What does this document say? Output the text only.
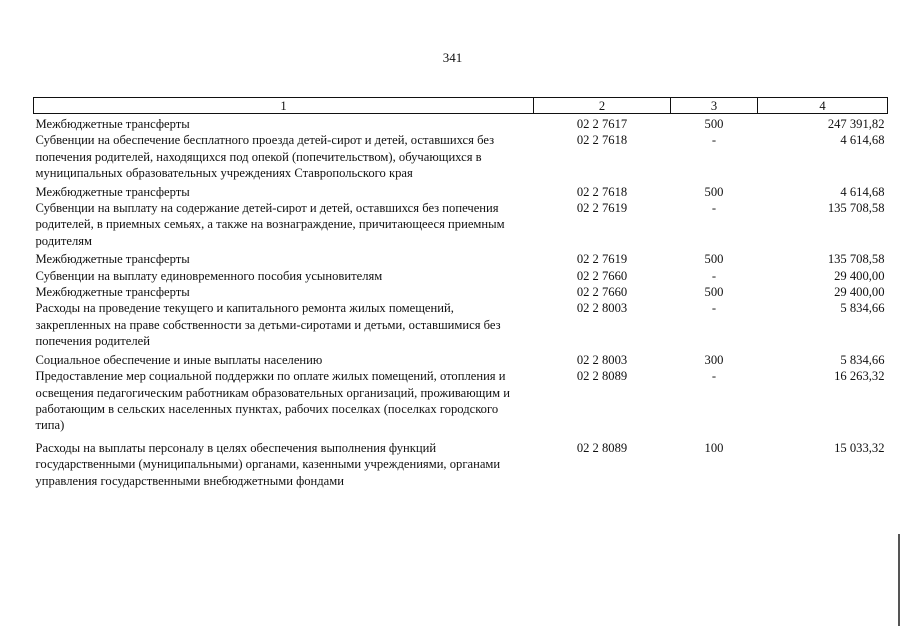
341
1	2	3	4
Межбюджетные трансферты	02 2 7617	500	247 391,82
Субвенции на обеспечение бесплатного проезда детей-сирот и детей, оставшихся без попечения родителей, находящихся под опекой (попечительством), обучающихся в муниципальных образовательных учреждениях Ставропольского края	02 2 7618	-	4 614,68
Межбюджетные трансферты	02 2 7618	500	4 614,68
Субвенции на выплату на содержание детей-сирот и детей, оставшихся без попечения родителей, в приемных семьях, а также на вознаграждение, причитающееся приемным родителям	02 2 7619	-	135 708,58
Межбюджетные трансферты	02 2 7619	500	135 708,58
Субвенции на выплату единовременного пособия усыновителям	02 2 7660	-	29 400,00
Межбюджетные трансферты	02 2 7660	500	29 400,00
Расходы на проведение текущего и капитального ремонта жилых помещений, закрепленных на праве собственности за детьми-сиротами и детьми, оставшимися без попечения родителей	02 2 8003	-	5 834,66
Социальное обеспечение и иные выплаты населению	02 2 8003	300	5 834,66
Предоставление мер социальной поддержки по оплате жилых помещений, отопления и освещения педагогическим работникам образовательных организаций, проживающим и работающим в сельских населенных пунктах, рабочих поселках (поселках городского типа)	02 2 8089	-	16 263,32
Расходы на выплаты персоналу в целях обеспечения выполнения функций государственными (муниципальными) органами, казенными учреждениями, органами управления государственными внебюджетными фондами	02 2 8089	100	15 033,32
